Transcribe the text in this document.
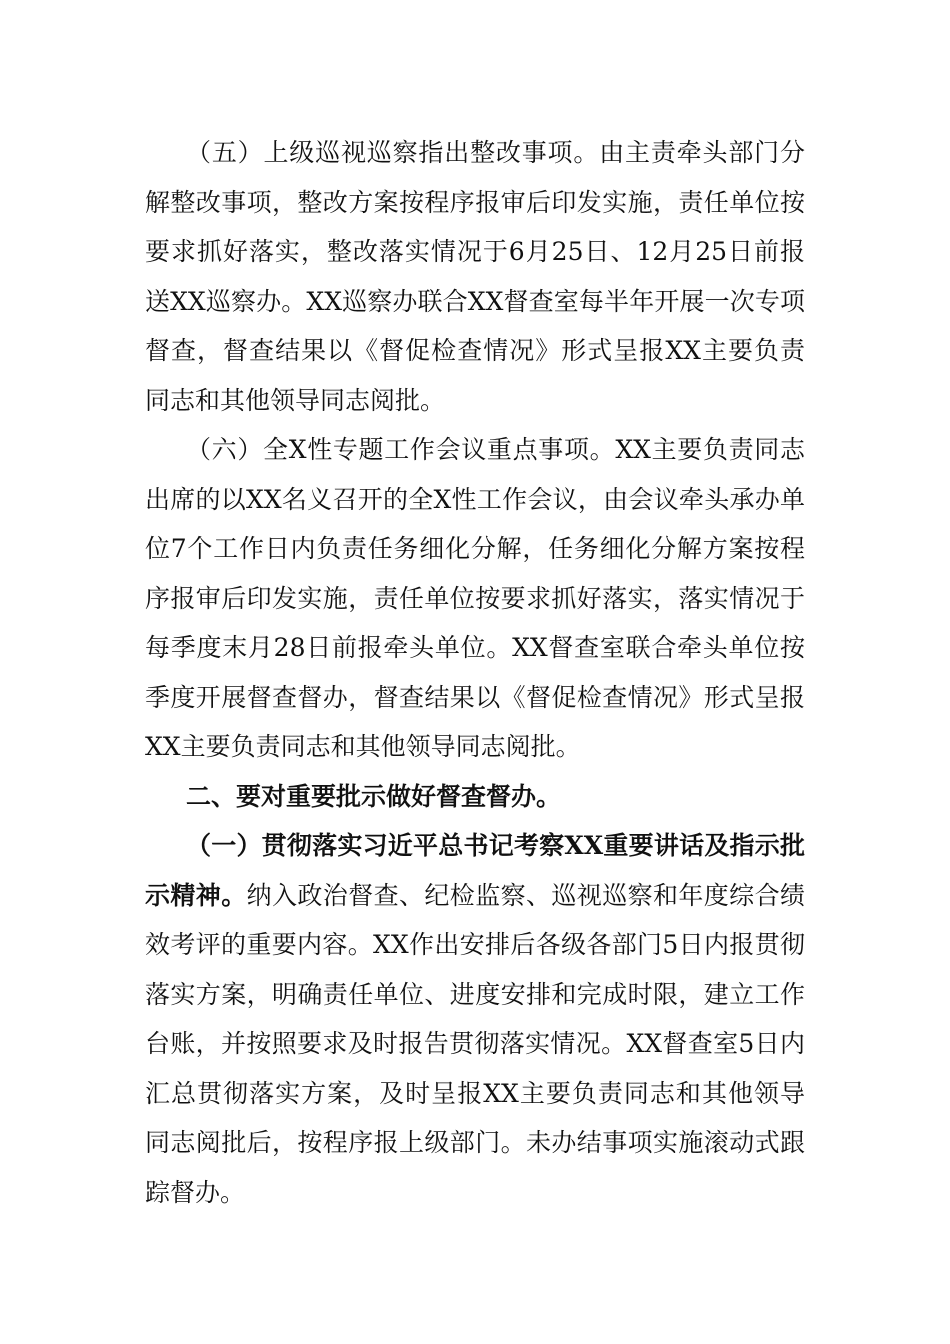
（五）上级巡视巡察指出整改事项。由主责牵头部门分解整改事项，整改方案按程序报审后印发实施，责任单位按要求抓好落实，整改落实情况于6月25日、12月25日前报送XX巡察办。XX巡察办联合XX督查室每半年开展一次专项督查，督查结果以《督促检查情况》形式呈报XX主要负责同志和其他领导同志阅批。

（六）全X性专题工作会议重点事项。XX主要负责同志出席的以XX名义召开的全X性工作会议，由会议牵头承办单位7个工作日内负责任务细化分解，任务细化分解方案按程序报审后印发实施，责任单位按要求抓好落实，落实情况于每季度末月28日前报牵头单位。XX督查室联合牵头单位按季度开展督查督办，督查结果以《督促检查情况》形式呈报XX主要负责同志和其他领导同志阅批。

二、要对重要批示做好督查督办。

（一）贯彻落实习近平总书记考察XX重要讲话及指示批示精神。纳入政治督查、纪检监察、巡视巡察和年度综合绩效考评的重要内容。XX作出安排后各级各部门5日内报贯彻落实方案，明确责任单位、进度安排和完成时限，建立工作台账，并按照要求及时报告贯彻落实情况。XX督查室5日内汇总贯彻落实方案，及时呈报XX主要负责同志和其他领导同志阅批后，按程序报上级部门。未办结事项实施滚动式跟踪督办。
